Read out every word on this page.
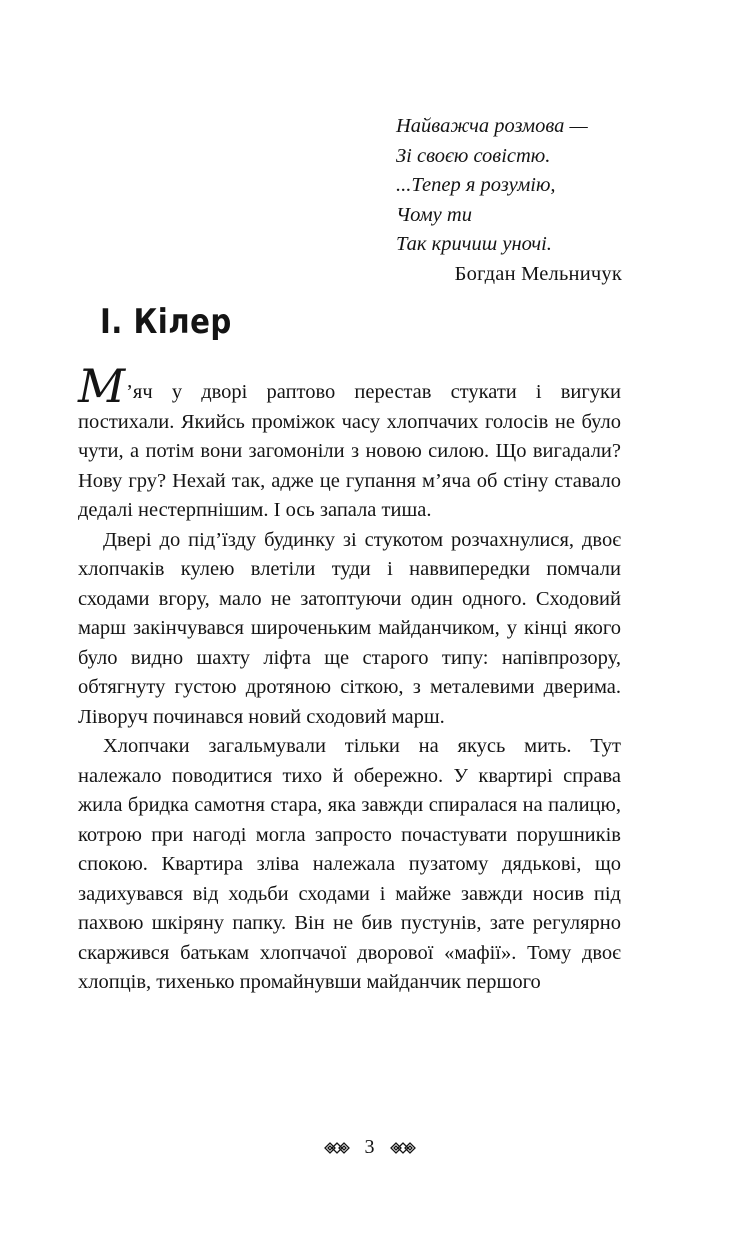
Найважча розмова —
Зі своєю совістю.
...Тепер я розумію,
Чому ти
Так кричиш уночі.
Богдан Мельничук
І. Кілер

М’яч у дворі раптово перестав стукати і вигуки постихали. Якийсь проміжок часу хлопчачих голосів не було чути, а потім вони загомоніли з новою силою. Що вигадали? Нову гру? Нехай так, адже це гупання м’яча об стіну ставало дедалі нестерпнішим. І ось запала тиша.

Двері до під’їзду будинку зі стукотом розчахнулися, двоє хлопчаків кулею влетіли туди і наввипередки помчали сходами вгору, мало не затоптуючи один одного. Сходовий марш закінчувався широченьким майданчиком, у кінці якого було видно шахту ліфта ще старого типу: напівпрозору, обтягнуту густою дротяною сіткою, з металевими дверима. Ліворуч починався новий сходовий марш.

Хлопчаки загальмували тільки на якусь мить. Тут належало поводитися тихо й обережно. У квартирі справа жила бридка самотня стара, яка завжди спиралася на палицю, котрою при нагоді могла запросто почастувати порушників спокою. Квартира зліва належала пузатому дядькові, що задихувався від ходьби сходами і майже завжди носив під пахвою шкіряну папку. Він не бив пустунів, зате регулярно скаржився батькам хлопчачої дворової «мафії». Тому двоє хлопців, тихенько промайнувши майданчик першого

3
